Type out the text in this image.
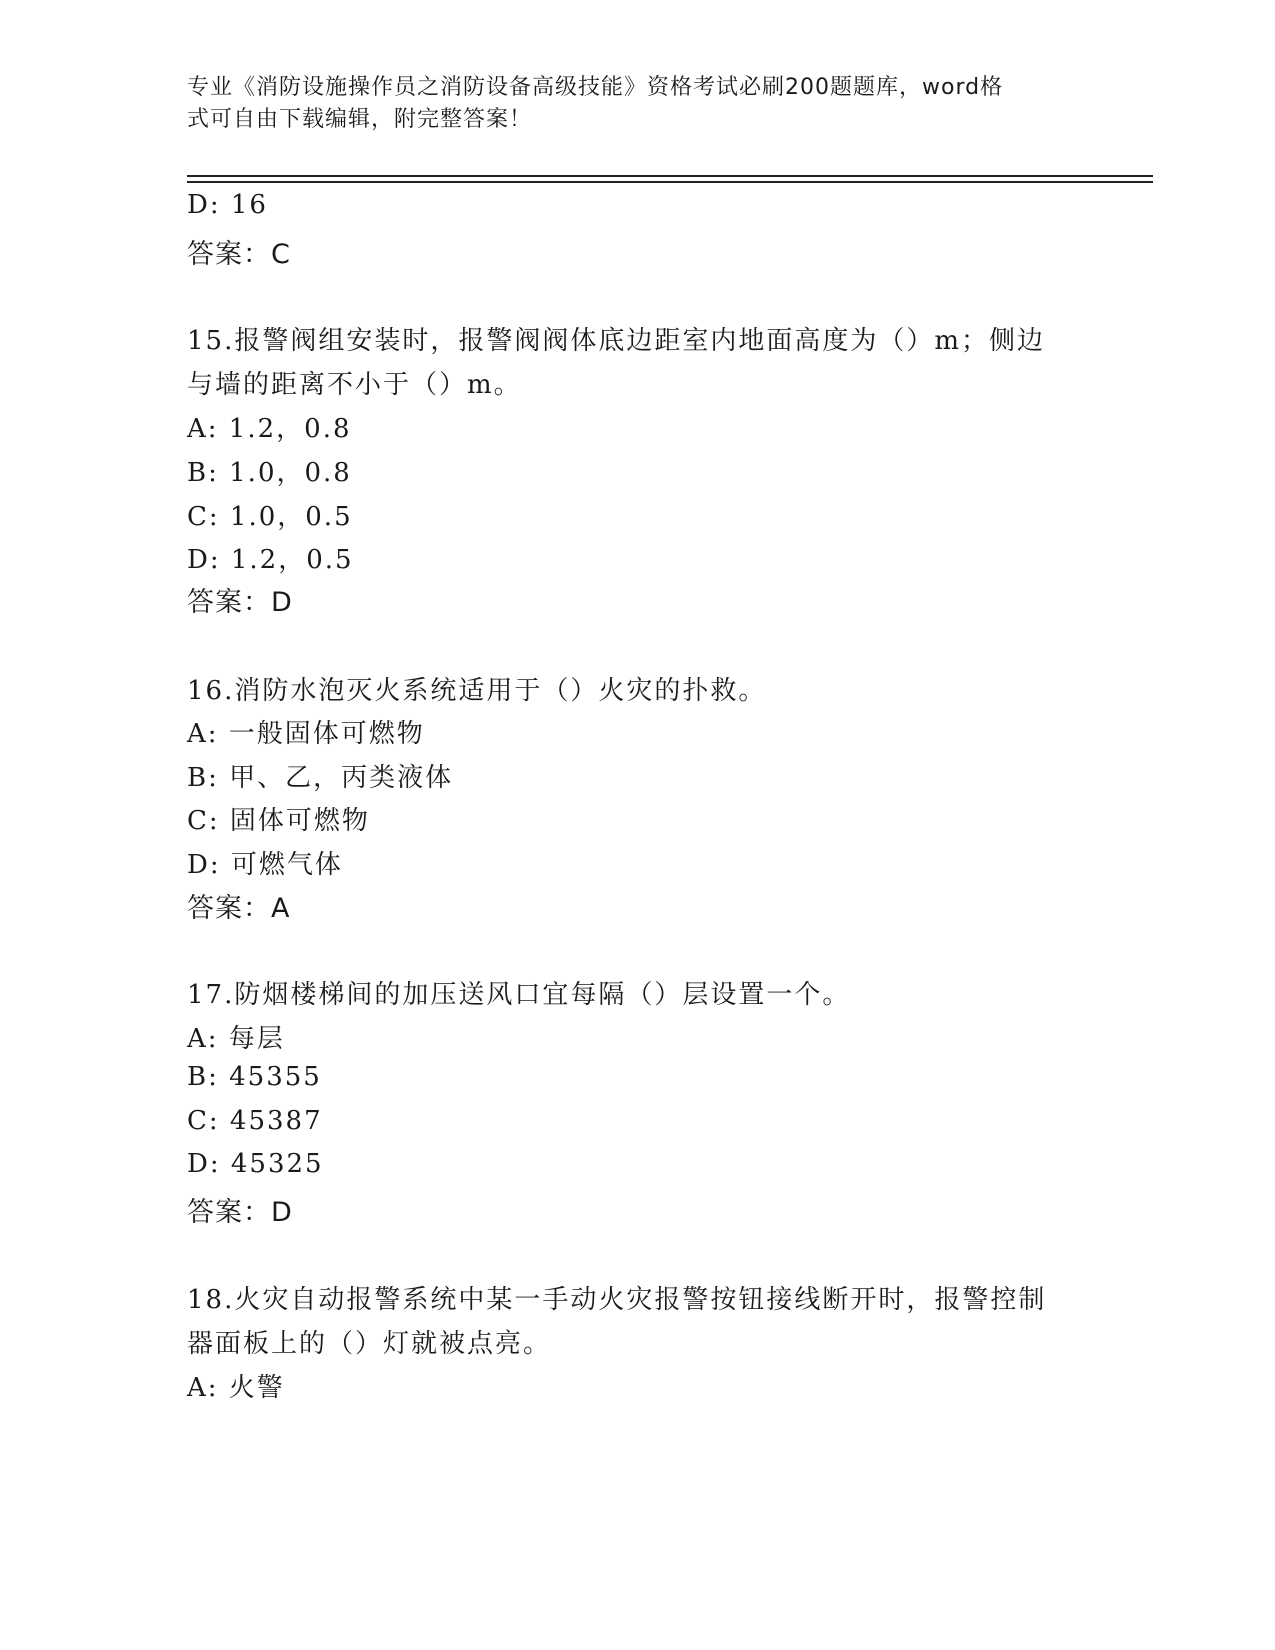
专业《消防设施操作员之消防设备高级技能》资格考试必刷200题题库，word格
式可自由下载编辑，附完整答案！
D: 16
答案：C
15.报警阀组安装时，报警阀阀体底边距室内地面高度为（）m；侧边
与墙的距离不小于（）m。
A: 1.2，0.8
B: 1.0，0.8
C: 1.0，0.5
D: 1.2，0.5
答案：D
16.消防水泡灭火系统适用于（）火灾的扑救。
A: 一般固体可燃物
B: 甲、乙，丙类液体
C: 固体可燃物
D: 可燃气体
答案：A
17.防烟楼梯间的加压送风口宜每隔（）层设置一个。
A: 每层
B: 45355
C: 45387
D: 45325
答案：D
18.火灾自动报警系统中某一手动火灾报警按钮接线断开时，报警控制
器面板上的（）灯就被点亮。
A: 火警
